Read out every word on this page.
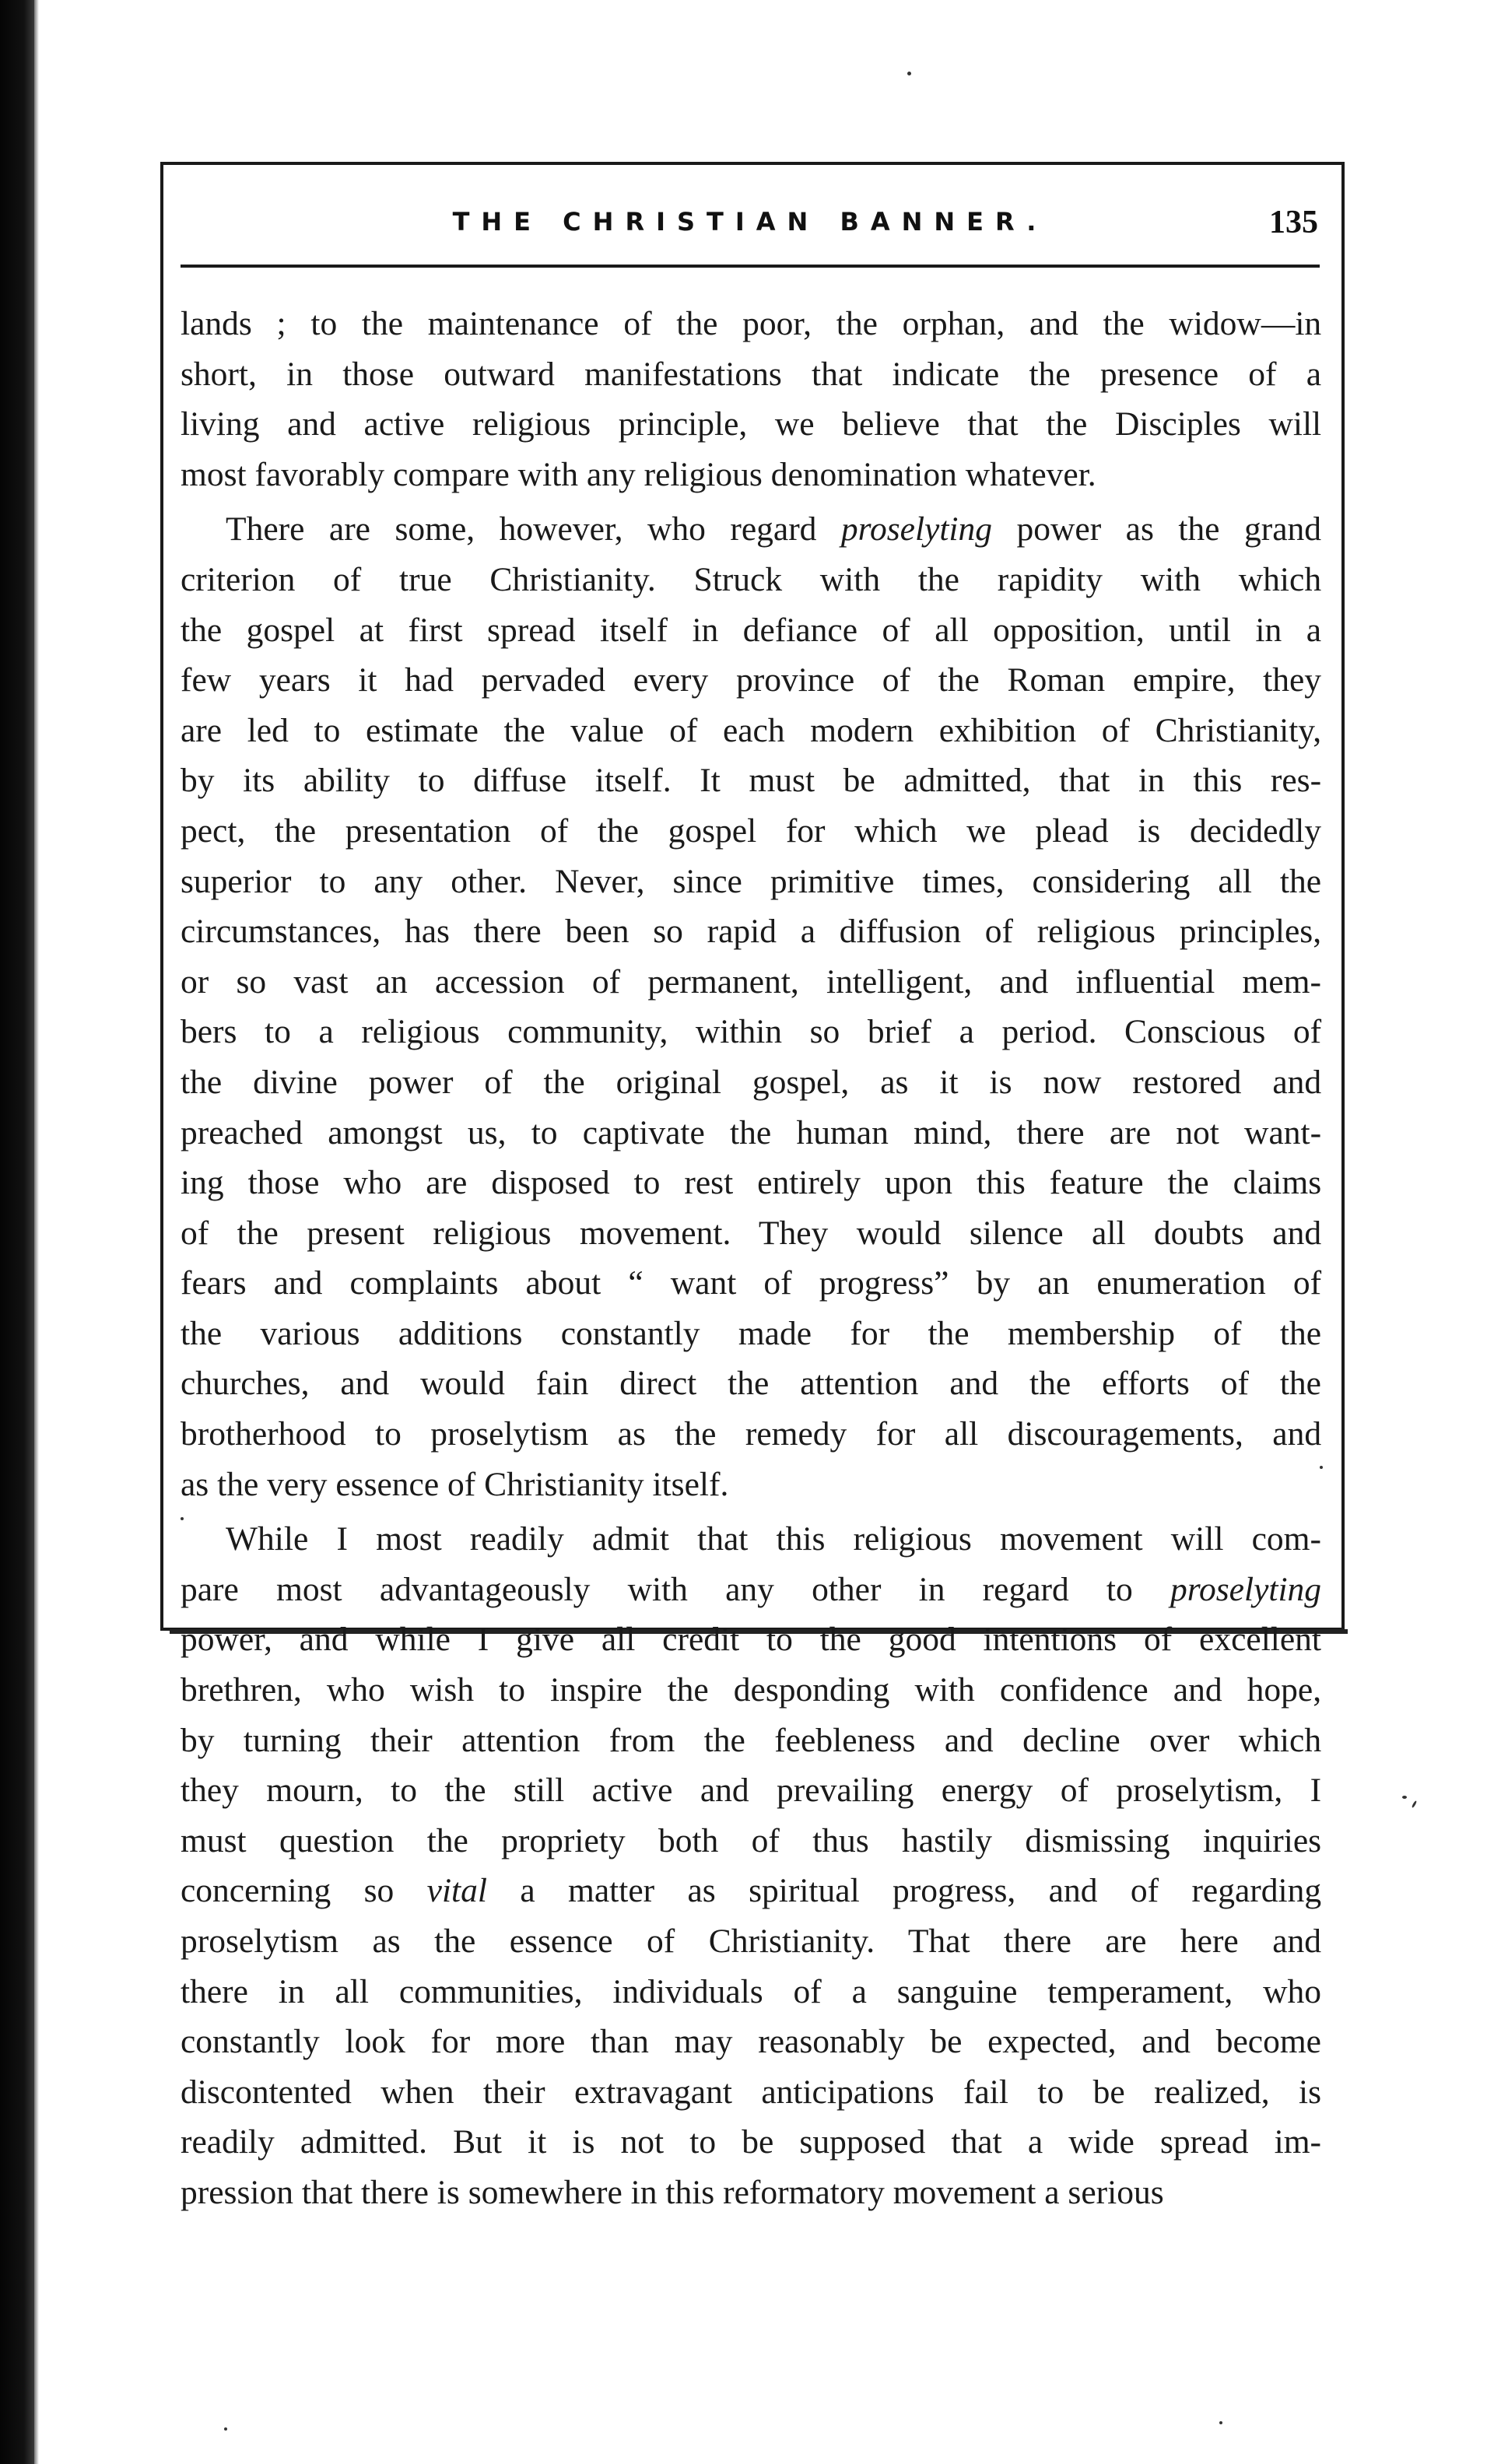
THE CHRISTIAN BANNER.	135
lands ; to the maintenance of the poor, the orphan, and the widow—in
short, in those outward manifestations that indicate the presence of a
living and active religious principle, we believe that the Disciples will
most favorably compare with any religious denomination whatever.
There are some, however, who regard proselyting power as the grand
criterion of true Christianity. Struck with the rapidity with which
the gospel at first spread itself in defiance of all opposition, until in a
few years it had pervaded every province of the Roman empire, they
are led to estimate the value of each modern exhibition of Christianity,
by its ability to diffuse itself. It must be admitted, that in this res-
pect, the presentation of the gospel for which we plead is decidedly
superior to any other. Never, since primitive times, considering all the
circumstances, has there been so rapid a diffusion of religious principles,
or so vast an accession of permanent, intelligent, and influential mem-
bers to a religious community, within so brief a period. Conscious of
the divine power of the original gospel, as it is now restored and
preached amongst us, to captivate the human mind, there are not want-
ing those who are disposed to rest entirely upon this feature the claims
of the present religious movement. They would silence all doubts and
fears and complaints about “ want of progress” by an enumeration of
the various additions constantly made for the membership of the
churches, and would fain direct the attention and the efforts of the
brotherhood to proselytism as the remedy for all discouragements, and
as the very essence of Christianity itself.
While I most readily admit that this religious movement will com-
pare most advantageously with any other in regard to proselyting
power, and while I give all credit to the good intentions of excellent
brethren, who wish to inspire the desponding with confidence and hope,
by turning their attention from the feebleness and decline over which
they mourn, to the still active and prevailing energy of proselytism, I
must question the propriety both of thus hastily dismissing inquiries
concerning so vital a matter as spiritual progress, and of regarding
proselytism as the essence of Christianity. That there are here and
there in all communities, individuals of a sanguine temperament, who
constantly look for more than may reasonably be expected, and become
discontented when their extravagant anticipations fail to be realized, is
readily admitted. But it is not to be supposed that a wide spread im-
pression that there is somewhere in this reformatory movement a serious
